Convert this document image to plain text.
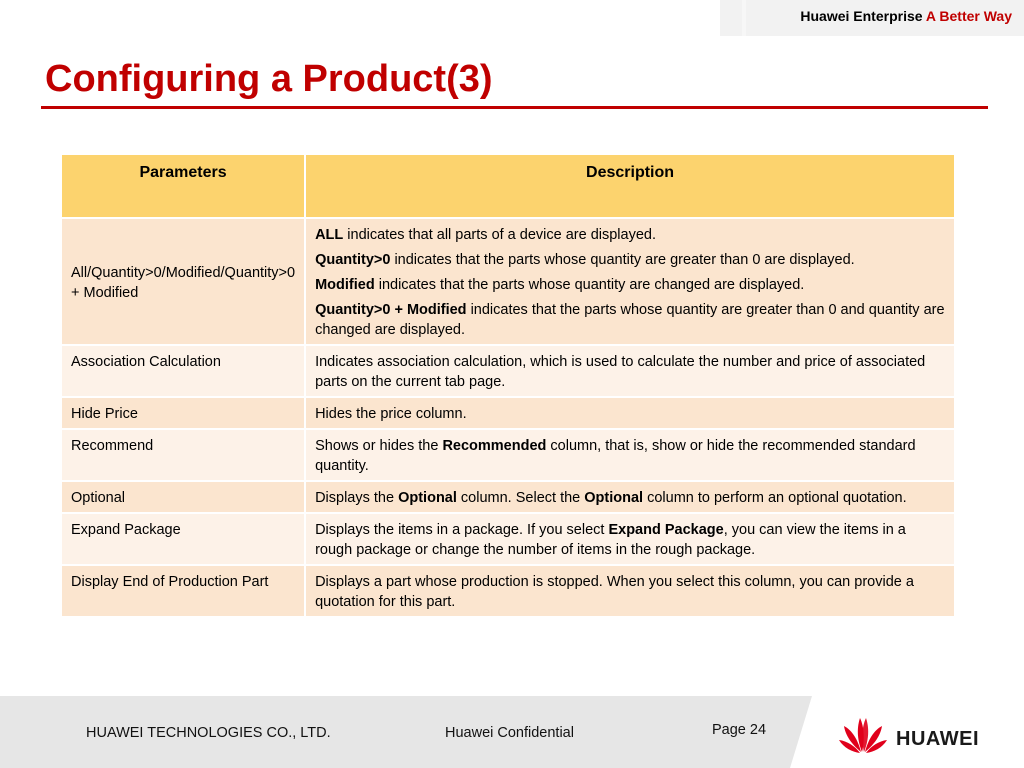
Huawei Enterprise A Better Way
Configuring a Product(3)
Parameters	Description
All/Quantity>0/Modified/Quantity>0 + Modified	ALL indicates that all parts of a device are displayed.
Quantity>0 indicates that the parts whose quantity are greater than 0 are displayed.
Modified indicates that the parts whose quantity are changed are displayed.
Quantity>0 + Modified indicates that the parts whose quantity are greater than 0 and quantity are changed are displayed.

Association Calculation	Indicates association calculation, which is used to calculate the number and price of associated parts on the current tab page.
Hide Price	Hides the price column.
Recommend	Shows or hides the Recommended column, that is, show or hide the recommended standard quantity.
Optional	Displays the Optional column. Select the Optional column to perform an optional quotation.
Expand Package	Displays the items in a package. If you select Expand Package, you can view the items in a rough package or change the number of items in the rough package.
Display End of Production Part	Displays a part whose production is stopped. When you select this column, you can provide a quotation for this part.
HUAWEI TECHNOLOGIES CO., LTD.	Huawei Confidential	Page 24	HUAWEI
